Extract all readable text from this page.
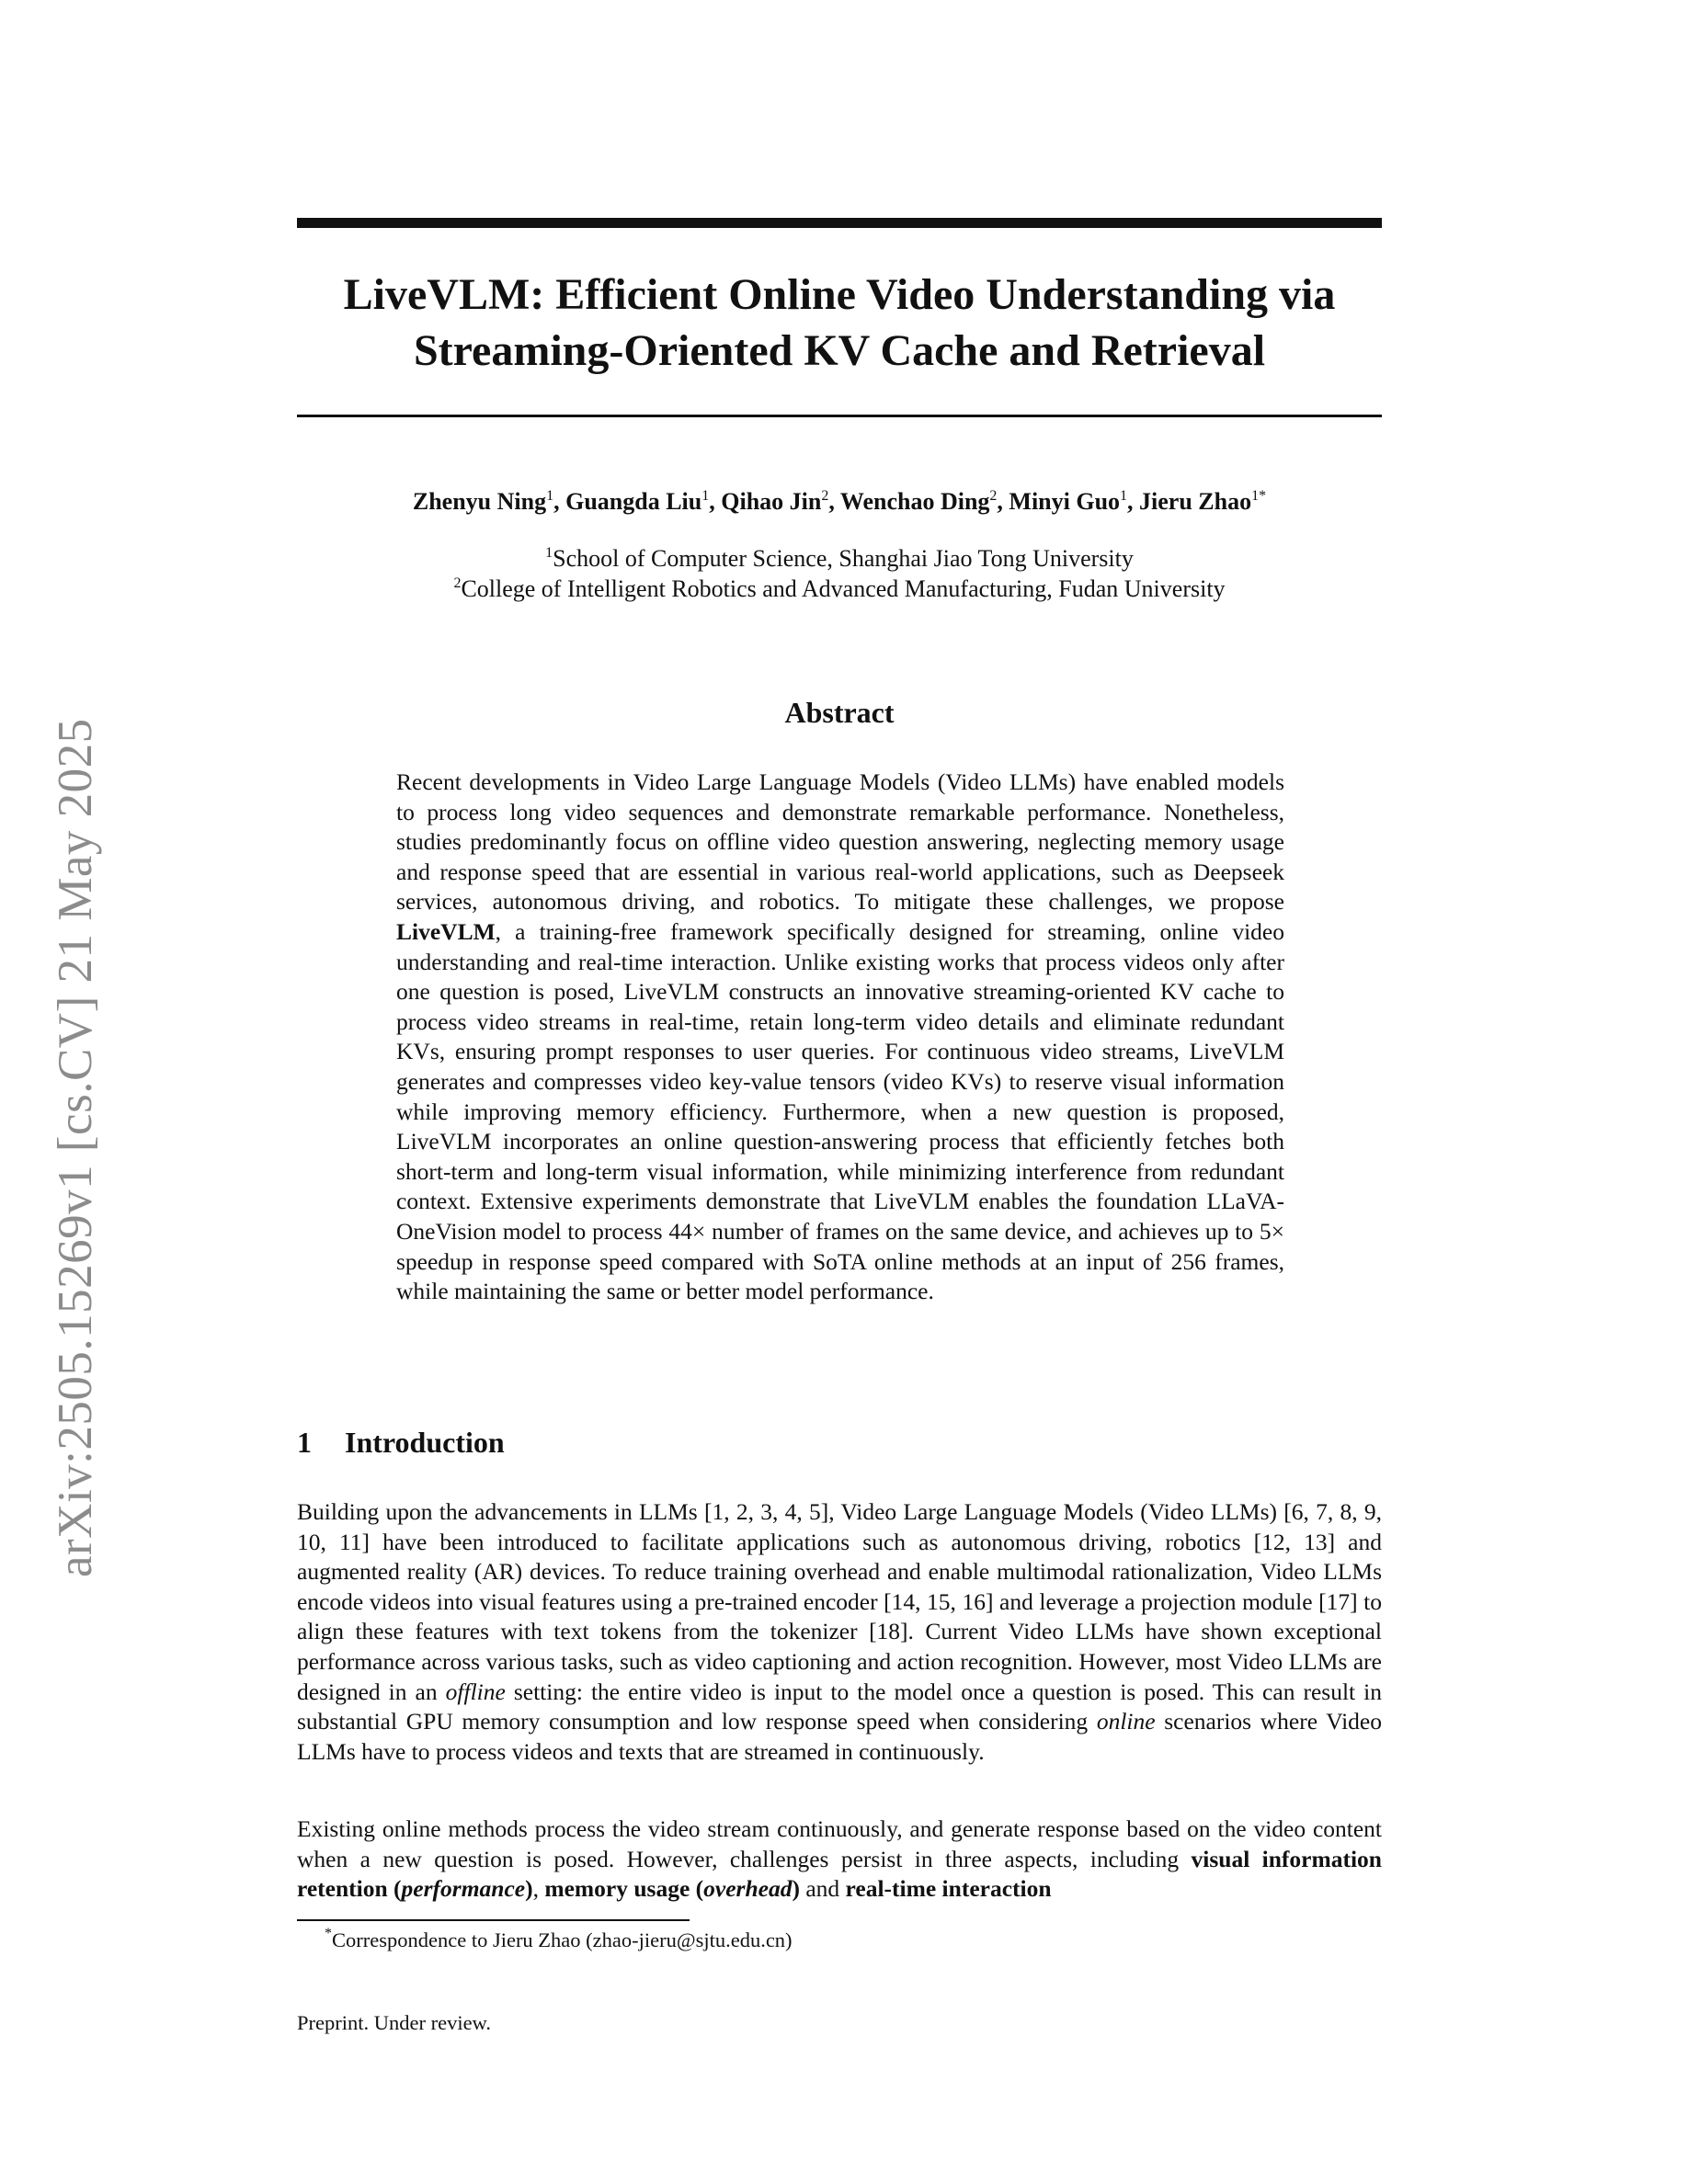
arXiv:2505.15269v1 [cs.CV] 21 May 2025
LiveVLM: Efficient Online Video Understanding via
Streaming-Oriented KV Cache and Retrieval

Zhenyu Ning$^1$, Guangda Liu$^1$, Qihao Jin$^2$, Wenchao Ding$^2$, Minyi Guo$^1$, Jieru Zhao$^{1*}$

$^1$School of Computer Science, Shanghai Jiao Tong University
$^2$College of Intelligent Robotics and Advanced Manufacturing, Fudan University
Abstract

Recent developments in Video Large Language Models (Video LLMs) have enabled models to process long video sequences and demonstrate remarkable performance. Nonetheless, studies predominantly focus on offline video question answering, neglecting memory usage and response speed that are essential in various real-world applications, such as Deepseek services, autonomous driving, and robotics. To mitigate these challenges, we propose LiveVLM, a training-free framework specifically designed for streaming, online video understanding and real-time interaction. Unlike existing works that process videos only after one question is posed, LiveVLM constructs an innovative streaming-oriented KV cache to process video streams in real-time, retain long-term video details and eliminate redundant KVs, ensuring prompt responses to user queries. For continuous video streams, LiveVLM generates and compresses video key-value tensors (video KVs) to reserve visual information while improving memory efficiency. Furthermore, when a new question is proposed, LiveVLM incorporates an online question-answering process that efficiently fetches both short-term and long-term visual information, while minimizing interference from redundant context. Extensive experiments demonstrate that LiveVLM enables the foundation LLaVA-OneVision model to process 44× number of frames on the same device, and achieves up to 5× speedup in response speed compared with SoTA online methods at an input of 256 frames, while maintaining the same or better model performance.

1 Introduction

Building upon the advancements in LLMs [1, 2, 3, 4, 5], Video Large Language Models (Video LLMs) [6, 7, 8, 9, 10, 11] have been introduced to facilitate applications such as autonomous driving, robotics [12, 13] and augmented reality (AR) devices. To reduce training overhead and enable multimodal rationalization, Video LLMs encode videos into visual features using a pre-trained encoder [14, 15, 16] and leverage a projection module [17] to align these features with text tokens from the tokenizer [18]. Current Video LLMs have shown exceptional performance across various tasks, such as video captioning and action recognition. However, most Video LLMs are designed in an offline setting: the entire video is input to the model once a question is posed. This can result in substantial GPU memory consumption and low response speed when considering online scenarios where Video LLMs have to process videos and texts that are streamed in continuously.

Existing online methods process the video stream continuously, and generate response based on the video content when a new question is posed. However, challenges persist in three aspects, including visual information retention (performance), memory usage (overhead) and real-time interaction

*Correspondence to Jieru Zhao (zhao-jieru@sjtu.edu.cn)

Preprint. Under review.
